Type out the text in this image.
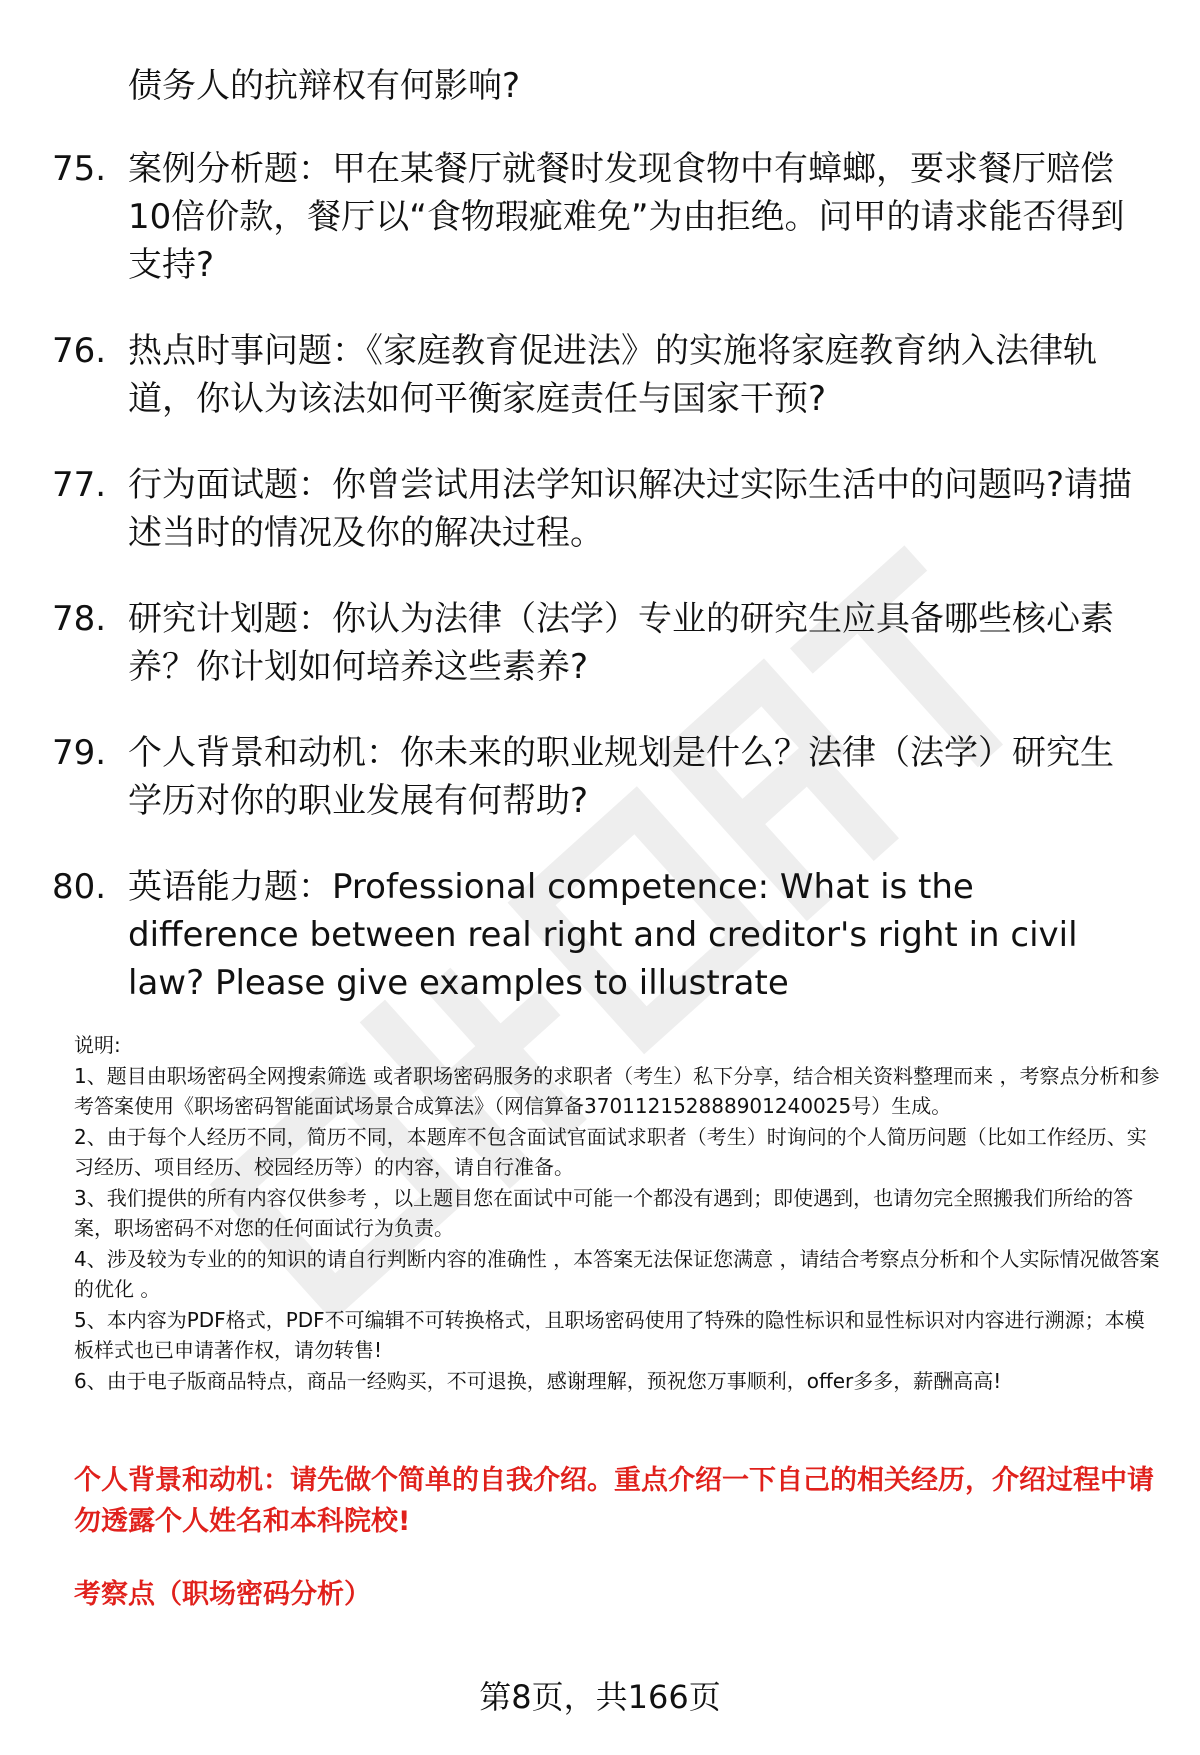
债务人的抗辩权有何影响?

75. 案例分析题：甲在某餐厅就餐时发现食物中有蟑螂，要求餐厅赔偿10倍价款，餐厅以“食物瑕疵难免”为由拒绝。问甲的请求能否得到支持?
76. 热点时事问题：《家庭教育促进法》的实施将家庭教育纳入法律轨道，你认为该法如何平衡家庭责任与国家干预?
77. 行为面试题：你曾尝试用法学知识解决过实际生活中的问题吗?请描述当时的情况及你的解决过程。
78. 研究计划题：你认为法律（法学）专业的研究生应具备哪些核心素养？你计划如何培养这些素养?
79. 个人背景和动机：你未来的职业规划是什么？法律（法学）研究生学历对你的职业发展有何帮助?
80. 英语能力题：Professional competence: What is the difference between real right and creditor's right in civil law? Please give examples to illustrate

说明:

1、题目由职场密码全网搜索筛选 或者职场密码服务的求职者（考生）私下分享，结合相关资料整理而来 ，考察点分析和参考答案使用《职场密码智能面试场景合成算法》（网信算备370112152888901240025号）生成。

2、由于每个人经历不同，简历不同，本题库不包含面试官面试求职者（考生）时询问的个人简历问题（比如工作经历、实习经历、项目经历、校园经历等）的内容，请自行准备。

3、我们提供的所有内容仅供参考 ，以上题目您在面试中可能一个都没有遇到；即使遇到，也请勿完全照搬我们所给的答案，职场密码不对您的任何面试行为负责。

4、涉及较为专业的的知识的请自行判断内容的准确性 ，本答案无法保证您满意 ，请结合考察点分析和个人实际情况做答案的优化 。

5、本内容为PDF格式，PDF不可编辑不可转换格式，且职场密码使用了特殊的隐性标识和显性标识对内容进行溯源；本模板样式也已申请著作权，请勿转售!

6、由于电子版商品特点，商品一经购买，不可退换，感谢理解，预祝您万事顺利，offer多多，薪酬高高!

个人背景和动机：请先做个简单的自我介绍。重点介绍一下自己的相关经历，介绍过程中请勿透露个人姓名和本科院校!

考察点（职场密码分析）

第8页，共166页
